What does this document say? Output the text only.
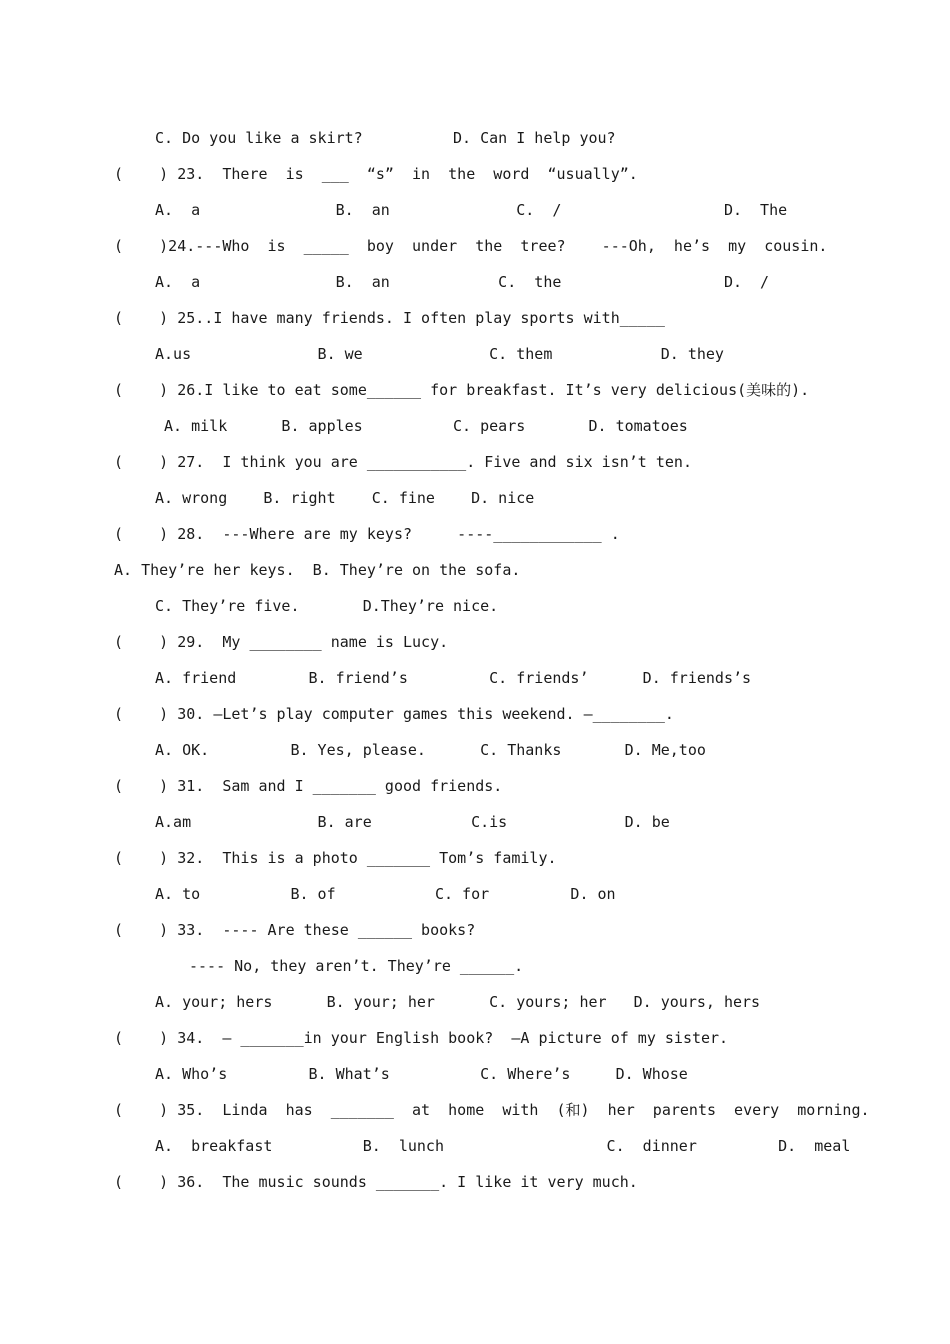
C. Do you like a skirt?          D. Can I help you?
(    ) 23.  There  is  ___  “s”  in  the  word  “usually”.
A.  a               B.  an              C.  /                  D.  The
(    )24.---Who  is  _____  boy  under  the  tree?    ---Oh,  he’s  my  cousin.
A.  a               B.  an            C.  the                  D.  /
(    ) 25..I have many friends. I often play sports with_____
A.us              B. we              C. them            D. they
(    ) 26.I like to eat some______ for breakfast. It’s very delicious(美味的).
A. milk      B. apples          C. pears       D. tomatoes
(    ) 27.  I think you are ___________. Five and six isn’t ten.
A. wrong    B. right    C. fine    D. nice
(    ) 28.  ---Where are my keys?     ----____________ .
A. They’re her keys.  B. They’re on the sofa.
C. They’re five.       D.They’re nice.
(    ) 29.  My ________ name is Lucy.
A. friend        B. friend’s         C. friends’      D. friends’s
(    ) 30. —Let’s play computer games this weekend. —________.
A. OK.         B. Yes, please.      C. Thanks       D. Me,too
(    ) 31.  Sam and I _______ good friends.
A.am              B. are           C.is             D. be
(    ) 32.  This is a photo _______ Tom’s family.
A. to          B. of           C. for         D. on
(    ) 33.  ---- Are these ______ books?
---- No, they aren’t. They’re ______.
A. your; hers      B. your; her      C. yours; her   D. yours, hers
(    ) 34.  — _______in your English book?  —A picture of my sister.
A. Who’s         B. What’s          C. Where’s     D. Whose
(    ) 35.  Linda  has  _______  at  home  with  (和)  her  parents  every  morning.
A.  breakfast          B.  lunch                  C.  dinner         D.  meal
(    ) 36.  The music sounds _______. I like it very much.
